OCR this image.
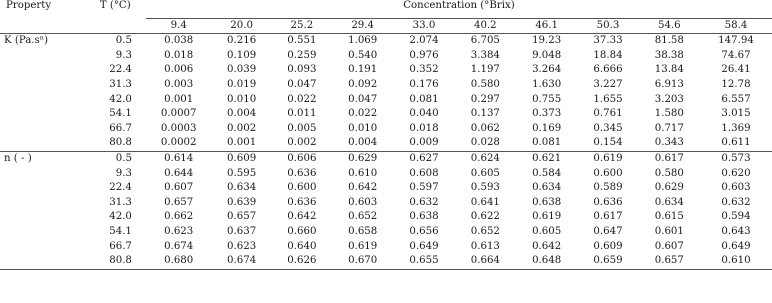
Property	T (°C)	Concentration (°Brix)									
		9.4	20.0	25.2	29.4	33.0	40.2	46.1	50.3	54.6	58.4
K (Pa.sⁿ)	0.5	0.038	0.216	0.551	1.069	2.074	6.705	19.23	37.33	81.58	147.94
	9.3	0.018	0.109	0.259	0.540	0.976	3.384	9.048	18.84	38.38	74.67
	22.4	0.006	0.039	0.093	0.191	0.352	1.197	3.264	6.666	13.84	26.41
	31.3	0.003	0.019	0.047	0.092	0.176	0.580	1.630	3.227	6.913	12.78
	42.0	0.001	0.010	0.022	0.047	0.081	0.297	0.755	1.655	3.203	6.557
	54.1	0.0007	0.004	0.011	0.022	0.040	0.137	0.373	0.761	1.580	3.015
	66.7	0.0003	0.002	0.005	0.010	0.018	0.062	0.169	0.345	0.717	1.369
	80.8	0.0002	0.001	0.002	0.004	0.009	0.028	0.081	0.154	0.343	0.611
n ( - )	0.5	0.614	0.609	0.606	0.629	0.627	0.624	0.621	0.619	0.617	0.573
	9.3	0.644	0.595	0.636	0.610	0.608	0.605	0.584	0.600	0.580	0.620
	22.4	0.607	0.634	0.600	0.642	0.597	0.593	0.634	0.589	0.629	0.603
	31.3	0.657	0.639	0.636	0.603	0.632	0.641	0.638	0.636	0.634	0.632
	42.0	0.662	0.657	0.642	0.652	0.638	0.622	0.619	0.617	0.615	0.594
	54.1	0.623	0.637	0.660	0.658	0.656	0.652	0.605	0.647	0.601	0.643
	66.7	0.674	0.623	0.640	0.619	0.649	0.613	0.642	0.609	0.607	0.649
	80.8	0.680	0.674	0.626	0.670	0.655	0.664	0.648	0.659	0.657	0.610
